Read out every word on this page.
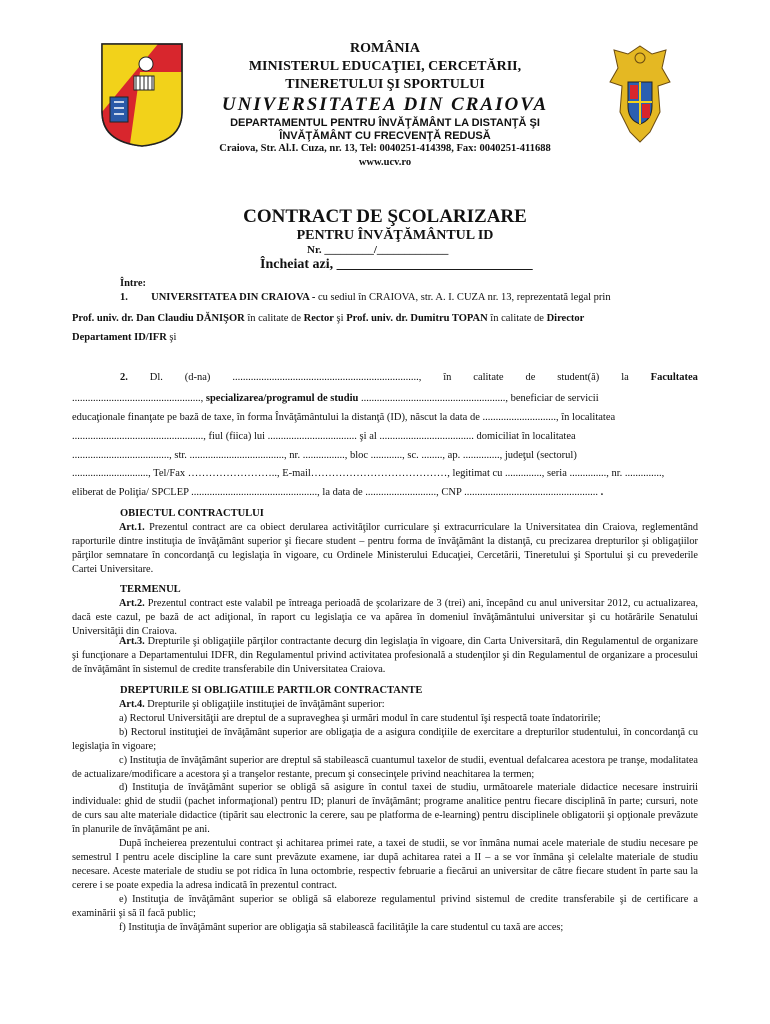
ROMÂNIA
MINISTERUL EDUCAŢIEI, CERCETĂRII,
TINERETULUI ŞI SPORTULUI
UNIVERSITATEA DIN CRAIOVA
DEPARTAMENTUL PENTRU ÎNVĂŢĂMÂNT LA DISTANŢĂ ŞI
ÎNVĂŢĂMÂNT CU FRECVENŢĂ REDUSĂ
Craiova, Str. Al.I. Cuza, nr. 13, Tel: 0040251-414398, Fax: 0040251-411688
www.ucv.ro
CONTRACT DE ŞCOLARIZARE
PENTRU ÎNVĂŢĂMÂNTUL ID
Nr. _________/_____________
Încheiat azi, ____________________________
Între:
1. UNIVERSITATEA DIN CRAIOVA - cu sediul în CRAIOVA, str. A. I. CUZA nr. 13, reprezentată legal prin
Prof. univ. dr. Dan Claudiu DĂNIŞOR în calitate de Rector şi Prof. univ. dr. Dumitru TOPAN în calitate de Director
Departament ID/IFR şi
2. Dl. (d-na) ......................................................................., în calitate de student(ă) la Facultatea
................................................., specializarea/programul de studiu ......................................................., beneficiar de servicii
educaţionale finanţate pe bază de taxe, în forma Învăţământului la distanţă (ID), născut la data de ............................, în localitatea
.................................................., fiul (fiica) lui .................................. şi al .................................... domiciliat în localitatea
....................................., str. ...................................., nr. ................, bloc ............, sc. ........, ap. .............., judeţul (sectorul)
............................., Tel/Fax …………………….., E-mail…………………………………, legitimat cu .............., seria .............., nr. ..............,
eliberat de Poliţia/ SPCLEP ................................................, la data de ..........................., CNP ................................................... .
OBIECTUL CONTRACTULUI

Art.1. Prezentul contract are ca obiect derularea activităţilor curriculare şi extracurriculare la Universitatea din Craiova, reglementând raporturile dintre instituţia de învăţământ superior şi fiecare student – pentru forma de învăţământ la distanţă, cu precizarea drepturilor şi obligaţiilor părţilor semnatare în concordanţă cu legislaţia în vigoare, cu Ordinele Ministerului Educaţiei, Cercetării, Tineretului şi Sportului şi cu prevederile Cartei Universitare.

TERMENUL

Art.2. Prezentul contract este valabil pe întreaga perioadă de şcolarizare de 3 (trei) ani, începând cu anul universitar 2012, cu actualizarea, dacă este cazul, pe bază de act adiţional, în raport cu legislaţia ce va apărea în domeniul învăţământului universitar şi cu hotărârile Senatului Universităţii din Craiova.

Art.3. Drepturile şi obligaţiile părţilor contractante decurg din legislaţia în vigoare, din Carta Universitară, din Regulamentul de organizare şi funcţionare a Departamentului IDFR, din Regulamentul privind activitatea profesională a studenţilor şi din Regulamentul de organizare a procesului de învăţământ în sistemul de credite transferabile din Universitatea Craiova.

DREPTURILE SI OBLIGATIILE PARTILOR CONTRACTANTE

Art.4. Drepturile şi obligaţiile instituţiei de învăţământ superior:

a) Rectorul Universităţii are dreptul de a supraveghea şi urmări modul în care studentul îşi respectă toate îndatoririle;

b) Rectorul instituţiei de învăţământ superior are obligaţia de a asigura condiţiile de exercitare a drepturilor studentului, în concordanţă cu legislaţia în vigoare;

c) Instituţia de învăţământ superior are dreptul să stabilească cuantumul taxelor de studii, eventual defalcarea acestora pe tranşe, modalitatea de actualizare/modificare a acestora şi a tranşelor restante, precum şi consecinţele privind neachitarea la termen;

d) Instituţia de învăţământ superior se obligă să asigure în contul taxei de studiu, următoarele materiale didactice necesare instruirii individuale: ghid de studii (pachet informaţional) pentru ID; planuri de învăţământ; programe analitice pentru fiecare disciplină în parte; cursuri, note de curs sau alte materiale didactice (tipărit sau electronic la cerere, sau pe platforma de e-learning) pentru disciplinele obligatorii şi opţionale prevăzute în planurile de învăţământ pe ani.

După încheierea prezentului contract şi achitarea primei rate, a taxei de studii, se vor înmâna numai acele materiale de studiu necesare pe semestrul I pentru acele discipline la care sunt prevăzute examene, iar după achitarea ratei a II – a se vor înmâna şi celelalte materiale de studiu necesare. Aceste materiale de studiu se pot ridica în luna octombrie, respectiv februarie a fiecărui an universitar de către fiecare student în parte sau la cerere i se poate expedia la adresa indicată în prezentul contract.

e) Instituţia de învăţământ superior se obligă să elaboreze regulamentul privind sistemul de credite transferabile şi de certificare a examinării şi să îl facă public;

f) Instituţia de învăţământ superior are obligaţia să stabilească facilităţile la care studentul cu taxă are acces;
